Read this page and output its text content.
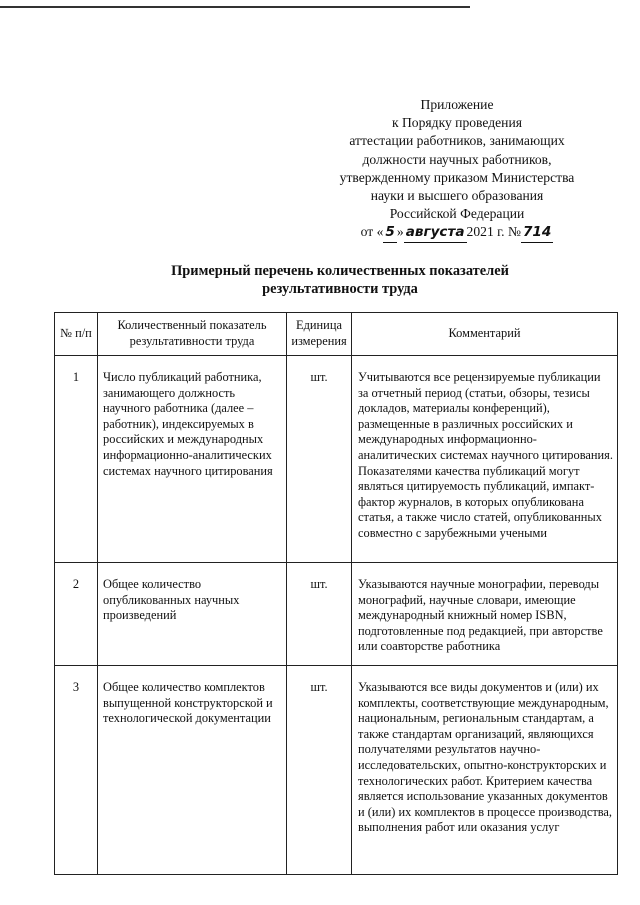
Приложение
к Порядку проведения
аттестации работников, занимающих
должности научных работников,
утвержденному приказом Министерства
науки и высшего образования
Российской Федерации
от « 5 » августа 2021 г. № 714
Примерный перечень количественных показателей
результативности труда
№ п/п	Количественный показатель результативности труда	Единица измерения	Комментарий
1	Число публикаций работника, занимающего должность научного работника (далее – работник), индексируемых в российских и международных информационно-аналитических системах научного цитирования	шт.	Учитываются все рецензируемые публикации за отчетный период (статьи, обзоры, тезисы докладов, материалы конференций), размещенные в различных российских и международных информационно-аналитических системах научного цитирования. Показателями качества публикаций могут являться цитируемость публикаций, импакт-фактор журналов, в которых опубликована статья, а также число статей, опубликованных совместно с зарубежными учеными
2	Общее количество опубликованных научных произведений	шт.	Указываются научные монографии, переводы монографий, научные словари, имеющие международный книжный номер ISBN, подготовленные под редакцией, при авторстве или соавторстве работника
3	Общее количество комплектов выпущенной конструкторской и технологической документации	шт.	Указываются все виды документов и (или) их комплекты, соответствующие международным, национальным, региональным стандартам, а также стандартам организаций, являющихся получателями результатов научно-исследовательских, опытно-конструкторских и технологических работ. Критерием качества является использование указанных документов и (или) их комплектов в процессе производства, выполнения работ или оказания услуг
